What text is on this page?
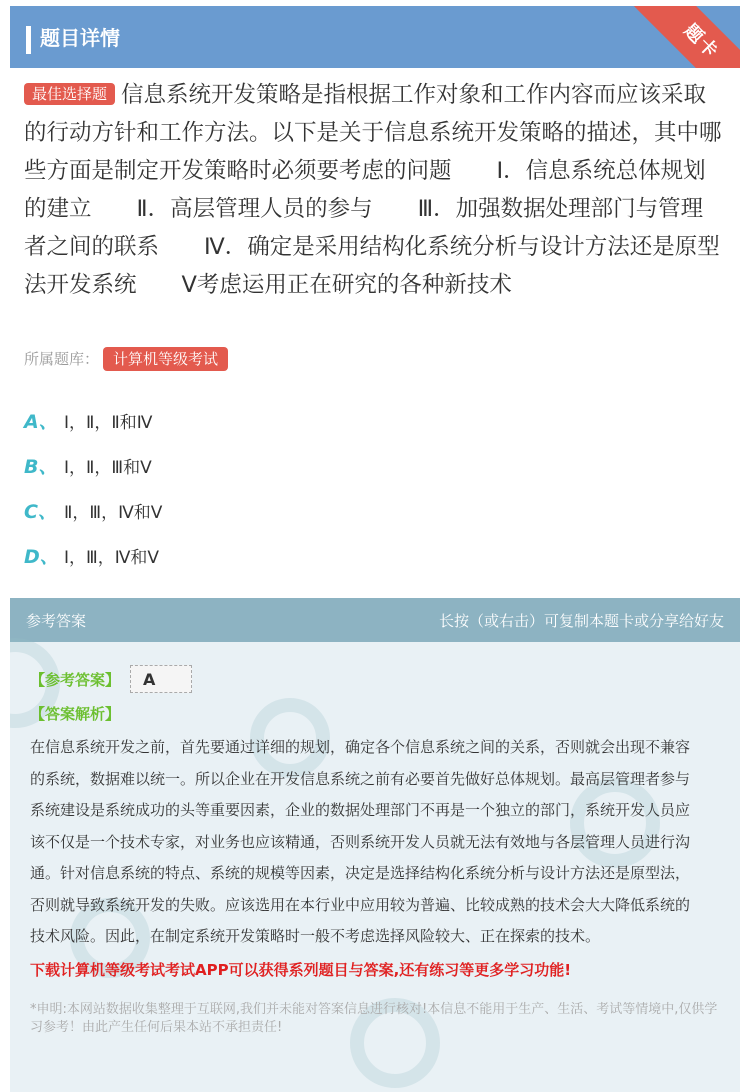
题目详情	题卡
最佳选择题 信息系统开发策略是指根据工作对象和工作内容而应该采取的行动方针和工作方法。以下是关于信息系统开发策略的描述，其中哪些方面是制定开发策略时必须要考虑的问题　　Ⅰ．信息系统总体规划的建立　　Ⅱ．高层管理人员的参与　　Ⅲ．加强数据处理部门与管理者之间的联系　　Ⅳ．确定是采用结构化系统分析与设计方法还是原型法开发系统　　V考虑运用正在研究的各种新技术
所属题库： 计算机等级考试
A、 Ⅰ，Ⅱ，Ⅱ和Ⅳ
B、 Ⅰ，Ⅱ，Ⅲ和V
C、 Ⅱ，Ⅲ，Ⅳ和V
D、 Ⅰ，Ⅲ，Ⅳ和V
参考答案	长按（或右击）可复制本题卡或分享给好友
【参考答案】	A
【答案解析】
在信息系统开发之前，首先要通过详细的规划，确定各个信息系统之间的关系，否则就会出现不兼容的系统，数据难以统一。所以企业在开发信息系统之前有必要首先做好总体规划。最高层管理者参与系统建设是系统成功的头等重要因素，企业的数据处理部门不再是一个独立的部门，系统开发人员应该不仅是一个技术专家，对业务也应该精通，否则系统开发人员就无法有效地与各层管理人员进行沟通。针对信息系统的特点、系统的规模等因素，决定是选择结构化系统分析与设计方法还是原型法，否则就导致系统开发的失败。应该选用在本行业中应用较为普遍、比较成熟的技术会大大降低系统的技术风险。因此，在制定系统开发策略时一般不考虑选择风险较大、正在探索的技术。
下载计算机等级考试考试APP可以获得系列题目与答案,还有练习等更多学习功能!
*申明:本网站数据收集整理于互联网,我们并未能对答案信息进行核对!本信息不能用于生产、生活、考试等情境中,仅供学习参考！由此产生任何后果本站不承担责任!
